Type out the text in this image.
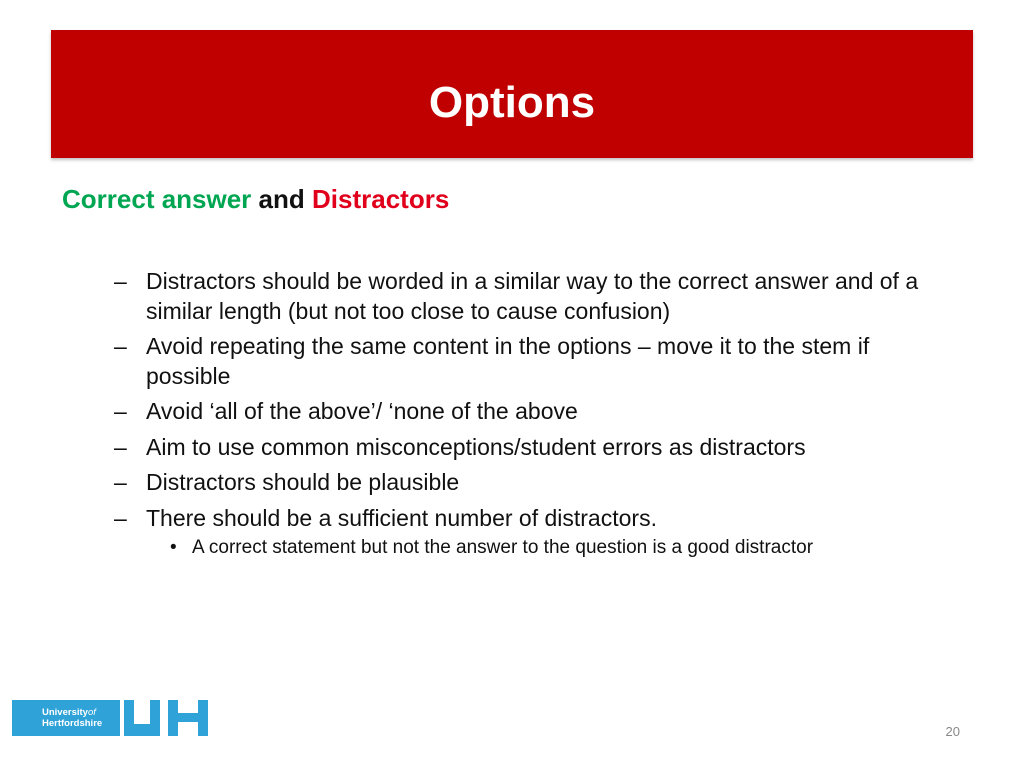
Options
Correct answer and Distractors
– Distractors should be worded in a similar way to the correct answer and of a similar length (but not too close to cause confusion)
– Avoid repeating the same content in the options – move it to the stem if possible
– Avoid ‘all of the above’/ ‘none of the above
– Aim to use common misconceptions/student errors as distractors
– Distractors should be plausible
– There should be a sufficient number of distractors.
• A correct statement but not the answer to the question is a good distractor
Universityof
Hertfordshire
20
